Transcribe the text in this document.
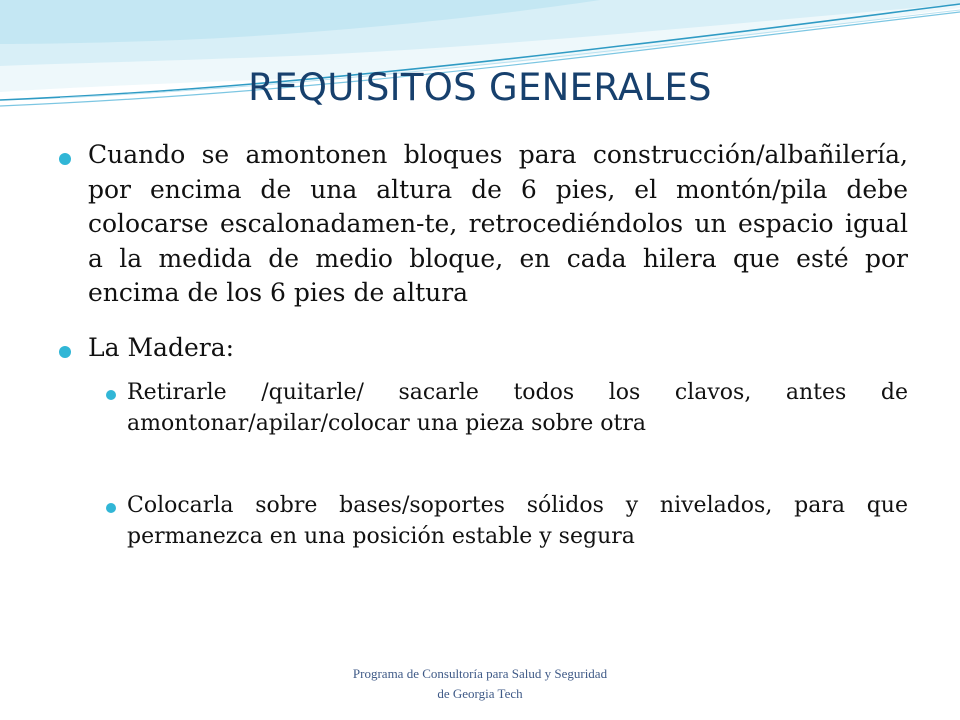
REQUISITOS GENERALES
Cuando se amontonen bloques para construcción/albañilería, por encima de una altura de 6 pies, el montón/pila debe colocarse escalonadamen-te, retrocediéndolos un espacio igual a la medida de medio bloque, en cada hilera que esté por encima de los 6 pies de altura
La Madera:
Retirarle /quitarle/ sacarle todos los clavos, antes de amontonar/apilar/colocar una pieza sobre otra
Colocarla sobre bases/soportes sólidos y nivelados, para que permanezca en una posición estable y segura
Programa de Consultoría para Salud y Seguridad
de Georgia Tech
